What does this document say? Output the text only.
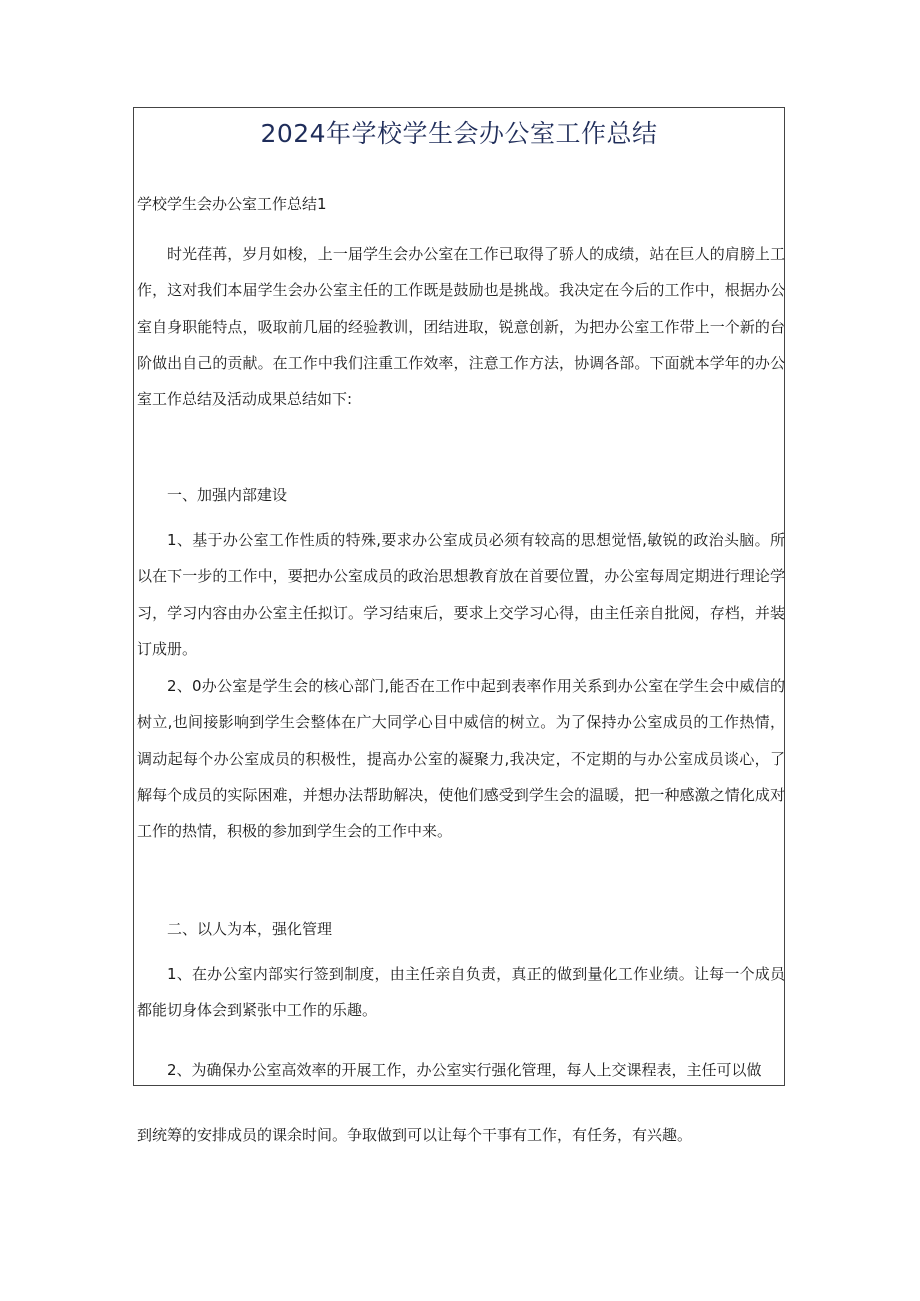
2024年学校学生会办公室工作总结
学校学生会办公室工作总结1

时光荏苒，岁月如梭，上一届学生会办公室在工作已取得了骄人的成绩，站在巨人的肩膀上工作，这对我们本届学生会办公室主任的工作既是鼓励也是挑战。我决定在今后的工作中，根据办公室自身职能特点，吸取前几届的经验教训，团结进取，锐意创新，为把办公室工作带上一个新的台阶做出自己的贡献。在工作中我们注重工作效率，注意工作方法，协调各部。下面就本学年的办公室工作总结及活动成果总结如下:

一、加强内部建设

1、基于办公室工作性质的特殊,要求办公室成员必须有较高的思想觉悟,敏锐的政治头脑。所以在下一步的工作中，要把办公室成员的政治思想教育放在首要位置，办公室每周定期进行理论学习，学习内容由办公室主任拟订。学习结束后，要求上交学习心得，由主任亲自批阅，存档，并装订成册。

2、0办公室是学生会的核心部门,能否在工作中起到表率作用关系到办公室在学生会中威信的树立,也间接影响到学生会整体在广大同学心目中威信的树立。为了保持办公室成员的工作热情，调动起每个办公室成员的积极性，提高办公室的凝聚力,我决定，不定期的与办公室成员谈心，了解每个成员的实际困难，并想办法帮助解决，使他们感受到学生会的温暖，把一种感激之情化成对工作的热情，积极的参加到学生会的工作中来。

二、以人为本，强化管理

1、在办公室内部实行签到制度，由主任亲自负责，真正的做到量化工作业绩。让每一个成员都能切身体会到紧张中工作的乐趣。

2、为确保办公室高效率的开展工作，办公室实行强化管理，每人上交课程表，主任可以做

到统筹的安排成员的课余时间。争取做到可以让每个干事有工作，有任务，有兴趣。
